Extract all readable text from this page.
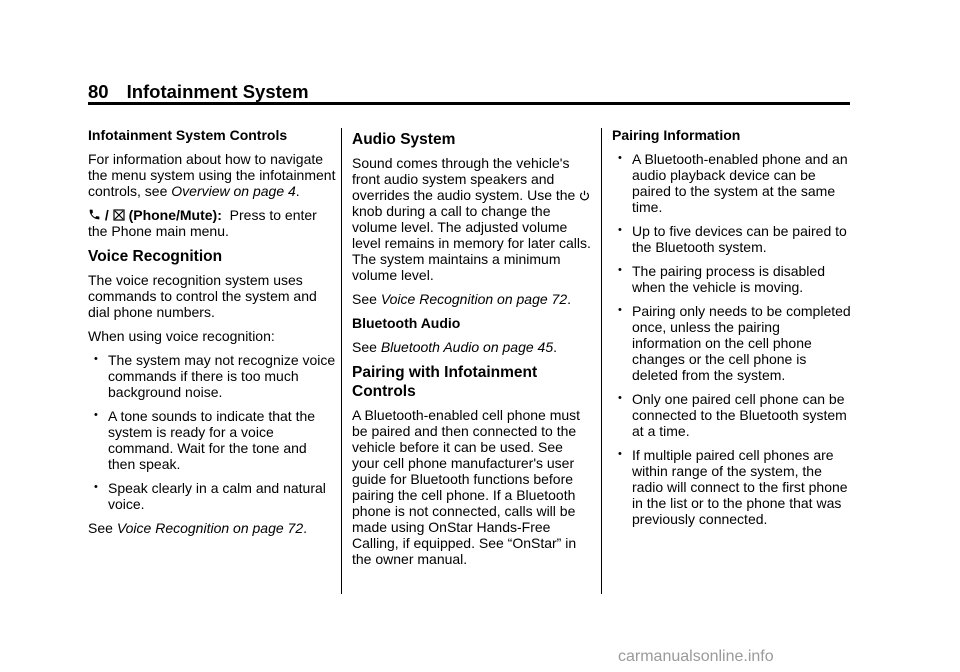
80 Infotainment System

Infotainment System Controls

For information about how to navigate the menu system using the infotainment controls, see Overview on page 4.

/  (Phone/Mute): Press to enter the Phone main menu.

Voice Recognition

The voice recognition system uses commands to control the system and dial phone numbers.

When using voice recognition:

• The system may not recognize voice commands if there is too much background noise.
• A tone sounds to indicate that the system is ready for a voice command. Wait for the tone and then speak.
• Speak clearly in a calm and natural voice.

See Voice Recognition on page 72.

Audio System

Sound comes through the vehicle's front audio system speakers and overrides the audio system. Use the knob during a call to change the volume level. The adjusted volume level remains in memory for later calls. The system maintains a minimum volume level.

See Voice Recognition on page 72.

Bluetooth Audio

See Bluetooth Audio on page 45.

Pairing with Infotainment Controls

A Bluetooth-enabled cell phone must be paired and then connected to the vehicle before it can be used. See your cell phone manufacturer's user guide for Bluetooth functions before pairing the cell phone. If a Bluetooth phone is not connected, calls will be made using OnStar Hands-Free Calling, if equipped. See “OnStar” in the owner manual.

Pairing Information

• A Bluetooth-enabled phone and an audio playback device can be paired to the system at the same time.
• Up to five devices can be paired to the Bluetooth system.
• The pairing process is disabled when the vehicle is moving.
• Pairing only needs to be completed once, unless the pairing information on the cell phone changes or the cell phone is deleted from the system.
• Only one paired cell phone can be connected to the Bluetooth system at a time.
• If multiple paired cell phones are within range of the system, the radio will connect to the first phone in the list or to the phone that was previously connected.
carmanualsonline.info
